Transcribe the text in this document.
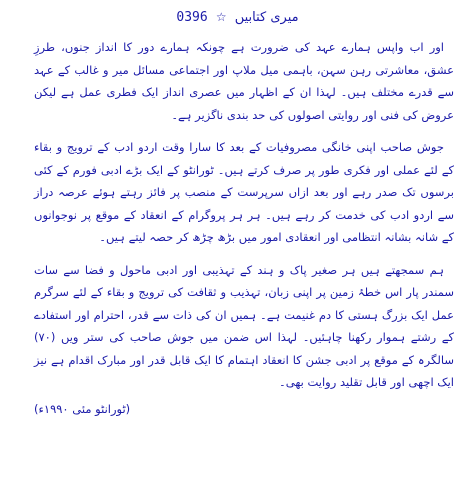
0396 ☆ میری کتابیں

اور اب واپس ہمارے عہد کی ضرورت ہے چونکہ ہمارے دور کا انداز جنوں، طرزِ عشق، معاشرتی رہن سہن، باہمی میل ملاپ اور اجتماعی مسائل میر و غالب کے عہد سے قدرے مختلف ہیں۔ لہذا ان کے اظہار میں عصری انداز ایک فطری عمل ہے لیکن عروض کی فنی اور روایتی اصولوں کی حد بندی ناگزیر ہے۔

جوش صاحب اپنی خانگی مصروفیات کے بعد کا سارا وقت اردو ادب کے ترویج و بقاء کے لئے عملی اور فکری طور پر صرف کرتے ہیں۔ ٹورانٹو کے ایک بڑے ادبی فورم کے کئی برسوں تک صدر رہے اور بعد ازاں سرپرست کے منصب پر فائز رہتے ہوئے عرصہ دراز سے اردو ادب کی خدمت کر رہے ہیں۔ ہر ہر پروگرام کے انعقاد کے موقع پر نوجوانوں کے شانہ بشانہ انتظامی اور انعقادی امور میں بڑھ چڑھ کر حصہ لیتے ہیں۔

ہم سمجھتے ہیں ہر صغیر پاک و ہند کے تہذیبی اور ادبی ماحول و فضا سے سات سمندر پار اس خطۂ زمین پر اپنی زبان، تہذیب و ثقافت کی ترویج و بقاء کے لئے سرگرم عمل ایک بزرگ ہستی کا دم غنیمت ہے۔ ہمیں ان کی ذات سے قدر، احترام اور استفادے کے رشتے ہموار رکھنا چاہئیں۔ لہذا اس ضمن میں جوش صاحب کی ستر ویں (۷۰) سالگرہ کے موقع پر ادبی جشن کا انعقاد اہتمام کا ایک قابل قدر اور مبارک اقدام ہے نیز ایک اچھی اور قابل تقلید روایت بھی۔

(ٹورانٹو مئی ۱۹۹۰ء)
